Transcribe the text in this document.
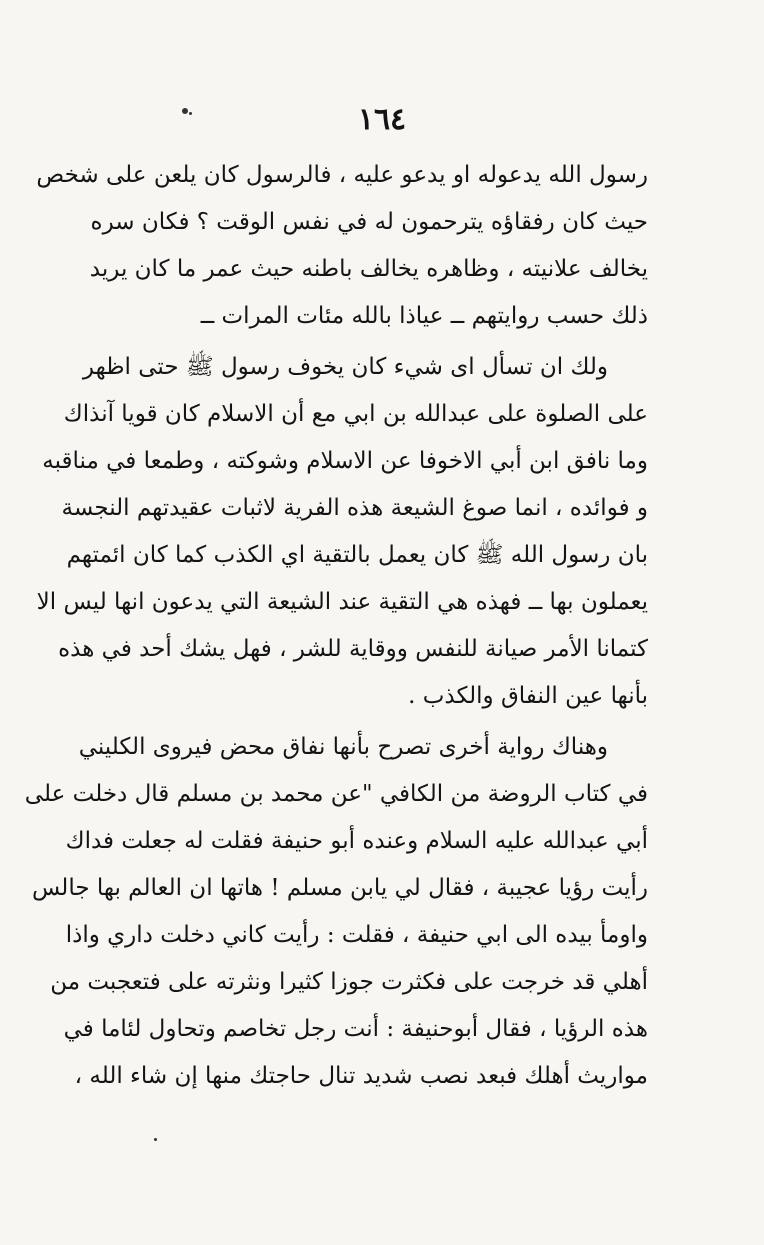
١٦٤
رسول الله يدعوله او يدعو عليه ، فالرسول كان يلعن على شخص
حيث كان رفقاؤه يترحمون له في نفس الوقت ؟ فكان سره
يخالف علانيته ، وظاهره يخالف باطنه حيث عمر ما كان يريد
ذلك حسب روايتهم ــ عياذا بالله مئات المرات ــ
ولك ان تسأل اى شيء كان يخوف رسول ﷺ حتى اظهر
على الصلوة على عبدالله بن ابي مع أن الاسلام كان قويا آنذاك
وما نافق ابن أبي الاخوفا عن الاسلام وشوكته ، وطمعا في مناقبه
و فوائده ، انما صوغ الشيعة هذه الفرية لاثبات عقيدتهم النجسة
بان رسول الله ﷺ كان يعمل بالتقية اي الكذب كما كان ائمتهم
يعملون بها ــ فهذه هي التقية عند الشيعة التي يدعون انها ليس الا
كتمانا الأمر صيانة للنفس ووقاية للشر ، فهل يشك أحد في هذه
بأنها عين النفاق والكذب .
وهناك رواية أخرى تصرح بأنها نفاق محض فيروى الكليني
في كتاب الروضة من الكافي "عن محمد بن مسلم قال دخلت على
أبي عبدالله عليه السلام وعنده أبو حنيفة فقلت له جعلت فداك
رأيت رؤيا عجيبة ، فقال لي يابن مسلم ! هاتها ان العالم بها جالس
واومأ بيده الى ابي حنيفة ، فقلت : رأيت كاني دخلت داري واذا
أهلي قد خرجت على فكثرت جوزا كثيرا ونثرته على فتعجبت من
هذه الرؤيا ، فقال أبوحنيفة : أنت رجل تخاصم وتحاول لئاما في
مواريث أهلك فبعد نصب شديد تنال حاجتك منها إن شاء الله ،
